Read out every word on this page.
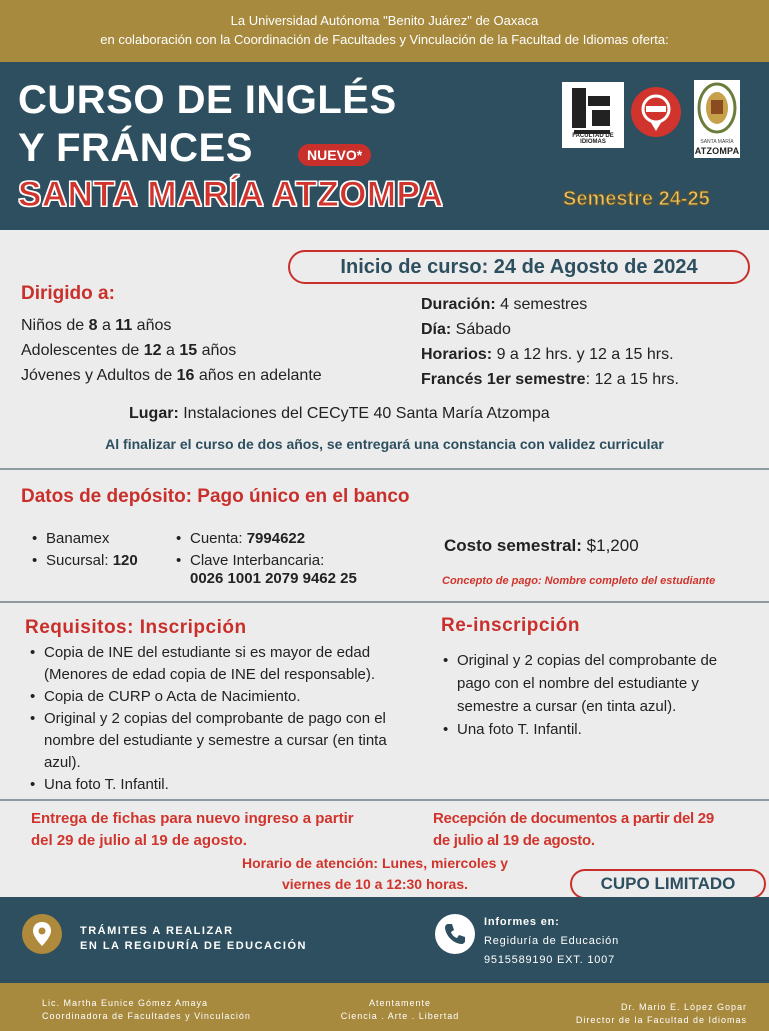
La Universidad Autónoma "Benito Juárez" de Oaxaca
en colaboración con la Coordinación de Facultades y Vinculación de la Facultad de Idiomas oferta:
CURSO DE INGLÉS
Y FRÁNCES	NUEVO*
SANTA MARÍA ATZOMPA	Semestre 24-25
FACULTAD DE IDIOMAS	SANTA MARÍA
ATZOMPA
Inicio de curso: 24 de Agosto de 2024
Dirigido a:
Niños de 8 a 11 años
Adolescentes de 12 a 15 años
Jóvenes y Adultos de 16 años en adelante
Duración: 4 semestres
Día: Sábado
Horarios: 9 a 12 hrs. y 12 a 15 hrs.
Francés 1er semestre: 12 a 15 hrs.
Lugar: Instalaciones del CECyTE 40 Santa María Atzompa
Al finalizar el curso de dos años, se entregará una constancia con validez curricular
Datos de depósito: Pago único en el banco
• Banamex
• Sucursal: 120
• Cuenta: 7994622
• Clave Interbancaria:
0026 1001 2079 9462 25
Costo semestral: $1,200
Concepto de pago: Nombre completo del estudiante
Requisitos: Inscripción
• Copia de INE del estudiante si es mayor de edad (Menores de edad copia de INE del responsable).
• Copia de CURP o Acta de Nacimiento.
• Original y 2 copias del comprobante de pago con el nombre del estudiante y semestre a cursar (en tinta azul).
• Una foto T. Infantil.
Re-inscripción
• Original y 2 copias del comprobante de pago con el nombre del estudiante y semestre a cursar (en tinta azul).
• Una foto T. Infantil.
Entrega de fichas para nuevo ingreso a partir del 29 de julio al 19 de agosto.
Recepción de documentos a partir del 29 de julio al 19 de agosto.
Horario de atención: Lunes, miercoles y viernes de 10 a 12:30 horas.	CUPO LIMITADO
TRÁMITES A REALIZAR
EN LA REGIDURÍA DE EDUCACIÓN
Informes en:
Regiduría de Educación
9515589190 EXT. 1007
Lic. Martha Eunice Gómez Amaya
Coordinadora de Facultades y Vinculación
Atentamente
Ciencia . Arte . Libertad
Dr. Mario E. López Gopar
Director de la Facultad de Idiomas
